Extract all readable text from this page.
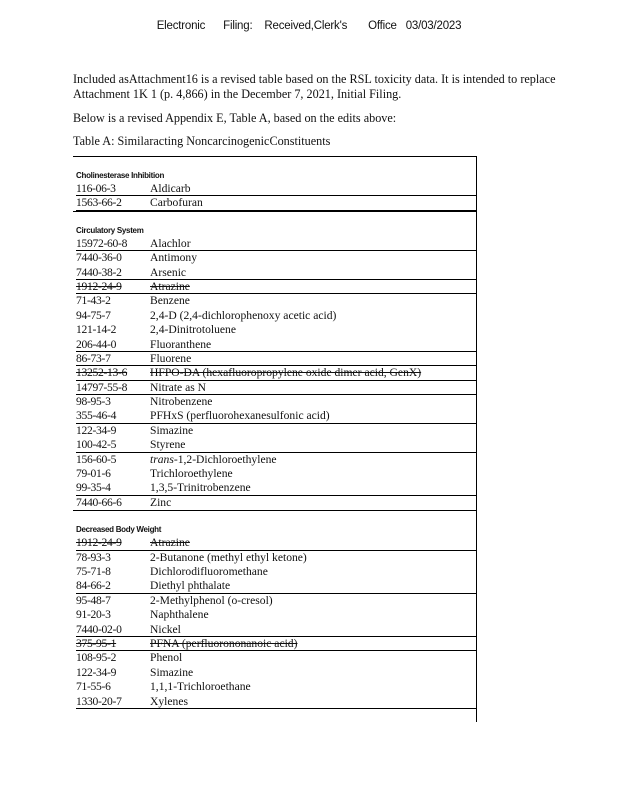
Electronic      Filing:    Received,Clerk's       Office   03/03/2023
Included asAttachment16 is a revised table based on the RSL toxicity data. It is intended to replace Attachment 1K 1 (p. 4,866) in the December 7, 2021, Initial Filing.
Below is a revised Appendix E, Table A, based on the edits above:
Table A: Similaracting NoncarcinogenicConstituents
Cholinesterase Inhibition
116-06-3	Aldicarb
1563-66-2	Carbofuran
Circulatory System
15972-60-8	Alachlor
7440-36-0	Antimony
7440-38-2	Arsenic
1912-24-9	Atrazine
71-43-2	Benzene
94-75-7	2,4-D (2,4-dichlorophenoxy acetic acid)
121-14-2	2,4-Dinitrotoluene
206-44-0	Fluoranthene
86-73-7	Fluorene
13252-13-6	HFPO-DA (hexafluoropropylene oxide dimer acid, GenX)
14797-55-8	Nitrate as N
98-95-3	Nitrobenzene
355-46-4	PFHxS (perfluorohexanesulfonic acid)
122-34-9	Simazine
100-42-5	Styrene
156-60-5	trans-1,2-Dichloroethylene
79-01-6	Trichloroethylene
99-35-4	1,3,5-Trinitrobenzene
7440-66-6	Zinc
Decreased Body Weight
1912-24-9	Atrazine
78-93-3	2-Butanone (methyl ethyl ketone)
75-71-8	Dichlorodifluoromethane
84-66-2	Diethyl phthalate
95-48-7	2-Methylphenol (o-cresol)
91-20-3	Naphthalene
7440-02-0	Nickel
375-95-1	PFNA (perfluorononanoic acid)
108-95-2	Phenol
122-34-9	Simazine
71-55-6	1,1,1-Trichloroethane
1330-20-7	Xylenes
